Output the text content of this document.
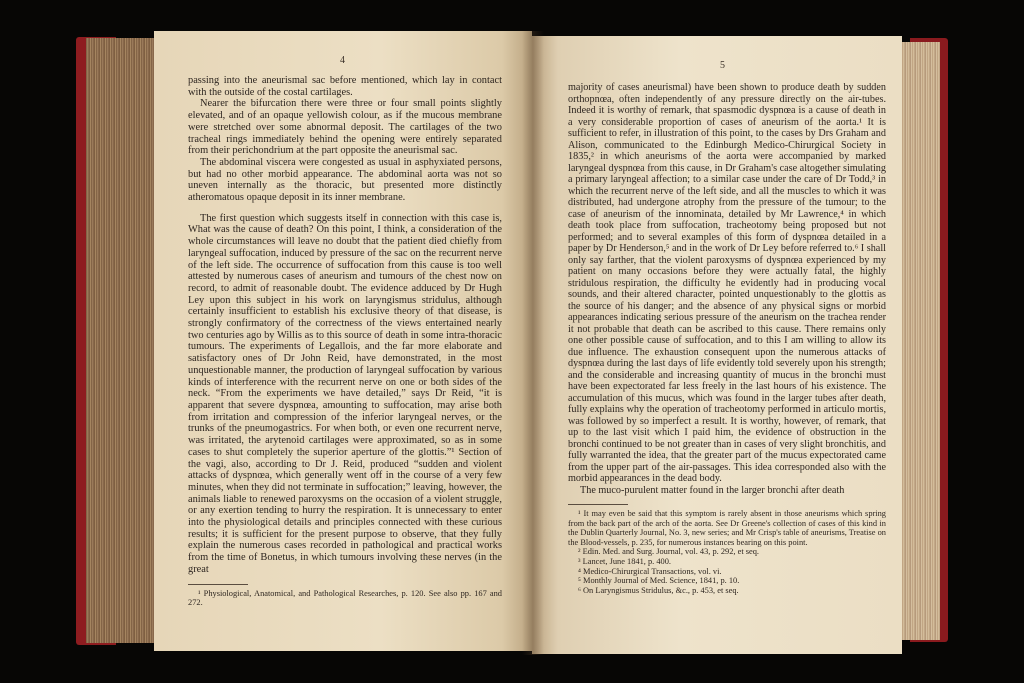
4

passing into the aneurismal sac before mentioned, which lay in contact with the outside of the costal cartilages.

Nearer the bifurcation there were three or four small points slightly elevated, and of an opaque yellowish colour, as if the mucous membrane were stretched over some abnormal deposit. The cartilages of the two tracheal rings immediately behind the opening were entirely separated from their perichondrium at the part opposite the aneurismal sac.

The abdominal viscera were congested as usual in asphyxiated persons, but had no other morbid appearance. The abdominal aorta was not so uneven internally as the thoracic, but presented more distinctly atheromatous opaque deposit in its inner membrane.

The first question which suggests itself in connection with this case is, What was the cause of death? On this point, I think, a consideration of the whole circumstances will leave no doubt that the patient died chiefly from laryngeal suffocation, induced by pressure of the sac on the recurrent nerve of the left side. The occurrence of suffocation from this cause is too well attested by numerous cases of aneurism and tumours of the chest now on record, to admit of reasonable doubt. The evidence adduced by Dr Hugh Ley upon this subject in his work on laryngismus stridulus, although certainly insufficient to establish his exclusive theory of that disease, is strongly confirmatory of the correctness of the views entertained nearly two centuries ago by Willis as to this source of death in some intra-thoracic tumours. The experiments of Legallois, and the far more elaborate and satisfactory ones of Dr John Reid, have demonstrated, in the most unquestionable manner, the production of laryngeal suffocation by various kinds of interference with the recurrent nerve on one or both sides of the neck. “From the experiments we have detailed,” says Dr Reid, “it is apparent that severe dyspnœa, amounting to suffocation, may arise both from irritation and compression of the inferior laryngeal nerves, or the trunks of the pneumogastrics. For when both, or even one recurrent nerve, was irritated, the arytenoid cartilages were approximated, so as in some cases to shut completely the superior aperture of the glottis.”¹ Section of the vagi, also, according to Dr J. Reid, produced “sudden and violent attacks of dyspnœa, which generally went off in the course of a very few minutes, when they did not terminate in suffocation;” leaving, however, the animals liable to renewed paroxysms on the occasion of a violent struggle, or any exertion tending to hurry the respiration. It is unnecessary to enter into the physiological details and principles connected with these curious results; it is sufficient for the present purpose to observe, that they fully explain the numerous cases recorded in pathological and practical works from the time of Bonetus, in which tumours involving these nerves (in the great

¹ Physiological, Anatomical, and Pathological Researches, p. 120. See also pp. 167 and 272.

5

majority of cases aneurismal) have been shown to produce death by sudden orthopnœa, often independently of any pressure directly on the air-tubes. Indeed it is worthy of remark, that spasmodic dyspnœa is a cause of death in a very considerable proportion of cases of aneurism of the aorta.¹ It is sufficient to refer, in illustration of this point, to the cases by Drs Graham and Alison, communicated to the Edinburgh Medico-Chirurgical Society in 1835,² in which aneurisms of the aorta were accompanied by marked laryngeal dyspnœa from this cause, in Dr Graham's case altogether simulating a primary laryngeal affection; to a similar case under the care of Dr Todd,³ in which the recurrent nerve of the left side, and all the muscles to which it was distributed, had undergone atrophy from the pressure of the tumour; to the case of aneurism of the innominata, detailed by Mr Lawrence,⁴ in which death took place from suffocation, tracheotomy being proposed but not performed; and to several examples of this form of dyspnœa detailed in a paper by Dr Henderson,⁵ and in the work of Dr Ley before referred to.⁶ I shall only say farther, that the violent paroxysms of dyspnœa experienced by my patient on many occasions before they were actually fatal, the highly stridulous respiration, the difficulty he evidently had in producing vocal sounds, and their altered character, pointed unquestionably to the glottis as the source of his danger; and the absence of any physical signs or morbid appearances indicating serious pressure of the aneurism on the trachea render it not probable that death can be ascribed to this cause. There remains only one other possible cause of suffocation, and to this I am willing to allow its due influence. The exhaustion consequent upon the numerous attacks of dyspnœa during the last days of life evidently told severely upon his strength; and the considerable and increasing quantity of mucus in the bronchi must have been expectorated far less freely in the last hours of his existence. The accumulation of this mucus, which was found in the larger tubes after death, fully explains why the operation of tracheotomy performed in articulo mortis, was followed by so imperfect a result. It is worthy, however, of remark, that up to the last visit which I paid him, the evidence of obstruction in the bronchi continued to be not greater than in cases of very slight bronchitis, and fully warranted the idea, that the greater part of the mucus expectorated came from the upper part of the air-passages. This idea corresponded also with the morbid appearances in the dead body.

The muco-purulent matter found in the larger bronchi after death

¹ It may even be said that this symptom is rarely absent in those aneurisms which spring from the back part of the arch of the aorta. See Dr Greene's collection of cases of this kind in the Dublin Quarterly Journal, No. 3, new series; and Mr Crisp's table of aneurisms, Treatise on the Blood-vessels, p. 235, for numerous instances bearing on this point.

² Edin. Med. and Surg. Journal, vol. 43, p. 292, et seq.

³ Lancet, June 1841, p. 400.

⁴ Medico-Chirurgical Transactions, vol. vi.

⁵ Monthly Journal of Med. Science, 1841, p. 10.

⁶ On Laryngismus Stridulus, &c., p. 453, et seq.
